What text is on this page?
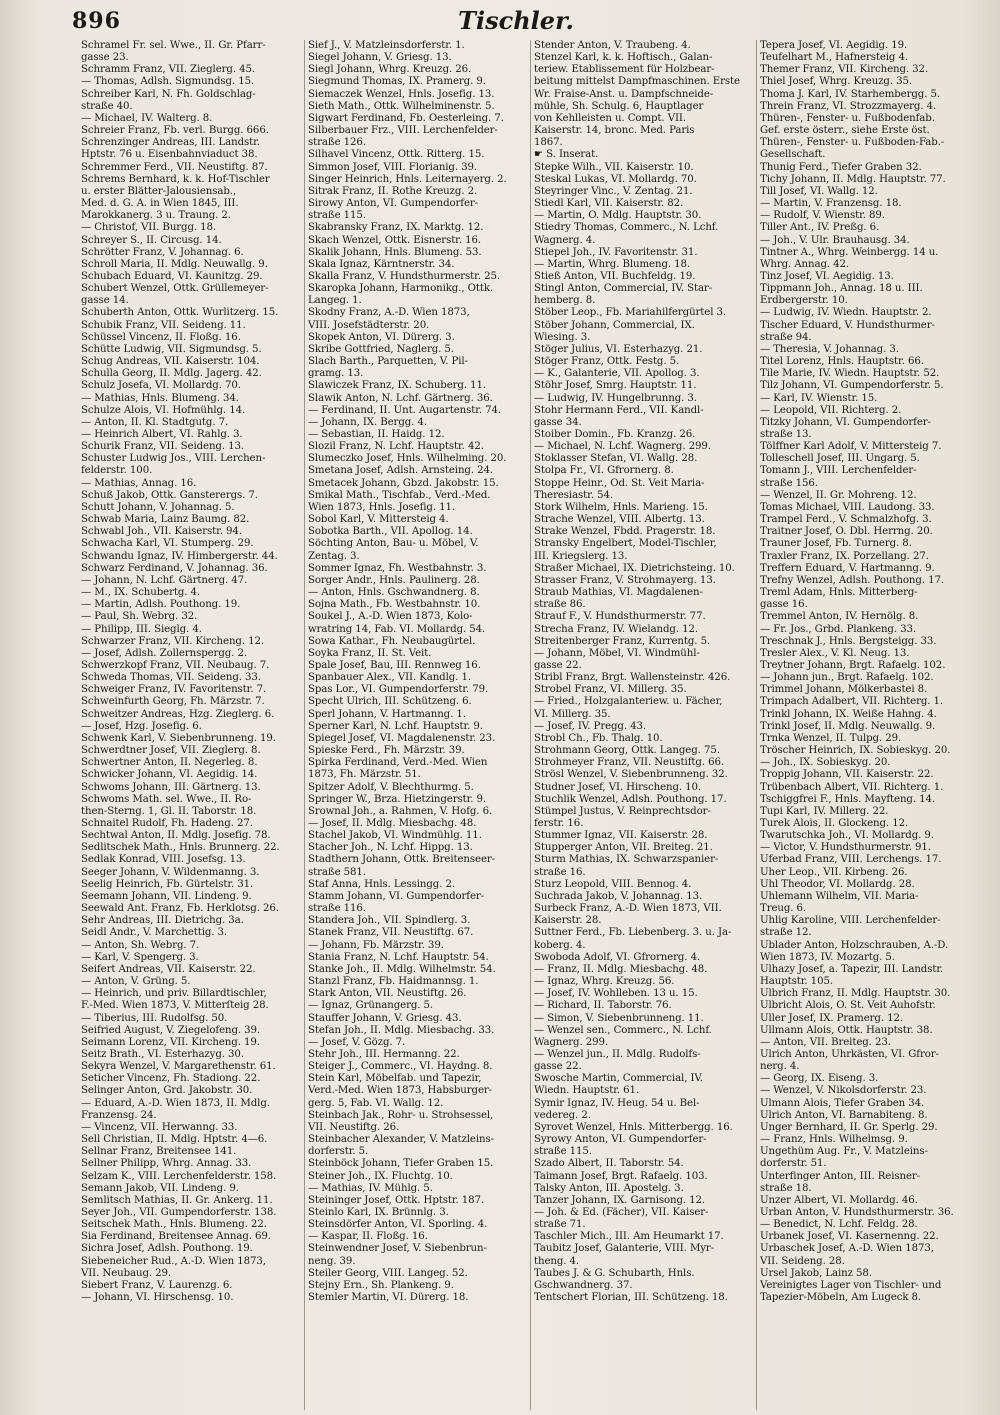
896	Tischler.

Schramel Fr. sel. Wwe., II. Gr. Pfarr-

gasse 23.

Schramm Franz, VII. Zieglerg. 45.

— Thomas, Adlsh. Sigmundsg. 15.

Schreiber Karl, N. Fh. Goldschlag-

straße 40.

— Michael, IV. Walterg. 8.

Schreier Franz, Fb. verl. Burgg. 666.

Schrenzinger Andreas, III. Landstr.

Hptstr. 76 u. Eisenbahnviaduct 38.

Schremmer Ferd., VII. Neustiftg. 87.

Schrems Bernhard, k. k. Hof-Tischler

u. erster Blätter-Jalousiensab.,

Med. d. G. A. in Wien 1845, III.

Marokkanerg. 3 u. Traung. 2.

— Christof, VII. Burgg. 18.

Schreyer S., II. Circusg. 14.

Schrötter Franz, V. Johannag. 6.

Schroll Maria, II. Mdlg. Neuwallg. 9.

Schubach Eduard, VI. Kaunitzg. 29.

Schubert Wenzel, Ottk. Grüllemeyer-

gasse 14.

Schuberth Anton, Ottk. Wurlitzerg. 15.

Schubik Franz, VII. Seideng. 11.

Schüssel Vincenz, II. Floßg. 16.

Schütte Ludwig, VII. Sigmundsg. 5.

Schug Andreas, VII. Kaiserstr. 104.

Schulla Georg, II. Mdlg. Jagerg. 42.

Schulz Josefa, VI. Mollardg. 70.

— Mathias, Hnls. Blumeng. 34.

Schulze Alois, VI. Hofmühlg. 14.

— Anton, II. Kl. Stadtgutg. 7.

— Heinrich Albert, VI. Rahlg. 3.

Schurik Franz, VII. Seideng. 13.

Schuster Ludwig Jos., VIII. Lerchen-

felderstr. 100.

— Mathias, Annag. 16.

Schuß Jakob, Ottk. Gansterergs. 7.

Schutt Johann, V. Johannag. 5.

Schwab Maria, Lainz Baumg. 82.

Schwabl Joh., VII. Kaiserstr. 94.

Schwacha Karl, VI. Stumperg. 29.

Schwandu Ignaz, IV. Himbergerstr. 44.

Schwarz Ferdinand, V. Johannag. 36.

— Johann, N. Lchf. Gärtnerg. 47.

— M., IX. Schubertg. 4.

— Martin, Adlsh. Pouthong. 19.

— Paul, Sh. Webrg. 32.

— Philipp, III. Sieglg. 4.

Schwarzer Franz, VII. Kircheng. 12.

— Josef, Adlsh. Zollernspergg. 2.

Schwerzkopf Franz, VII. Neubaug. 7.

Schweda Thomas, VII. Seideng. 33.

Schweiger Franz, IV. Favoritenstr. 7.

Schweinfurth Georg, Fh. Märzstr. 7.

Schweitzer Andreas, Hzg. Zieglerg. 6.

— Josef, Hzg. Josefig. 6.

Schwenk Karl, V. Siebenbrunneng. 19.

Schwerdtner Josef, VII. Zieglerg. 8.

Schwertner Anton, II. Negerleg. 8.

Schwicker Johann, VI. Aegidig. 14.

Schwoms Johann, III. Gärtnerg. 13.

Schwoms Math. sel. Wwe., II. Ro-

then-Sterng. 1, Gl. II. Taborstr. 18.

Schnaitel Rudolf, Fh. Hadeng. 27.

Sechtwal Anton, II. Mdlg. Josefig. 78.

Sedlitschek Math., Hnls. Brunnerg. 22.

Sedlak Konrad, VIII. Josefsg. 13.

Seeger Johann, V. Wildenmanng. 3.

Seelig Heinrich, Fb. Gürtelstr. 31.

Seemann Johann, VII. Lindeng. 9.

Seewald Ant. Franz, Fb. Herklotsg. 26.

Sehr Andreas, III. Dietrichg. 3a.

Seidl Andr., V. Marchettig. 3.

— Anton, Sh. Webrg. 7.

— Karl, V. Spengerg. 3.

Seifert Andreas, VII. Kaiserstr. 22.

— Anton, V. Grüng. 5.

— Heinrich, und priv. Billardtischler,

F.-Med. Wien 1873, V. Mitterſteig 28.

— Tiberius, III. Rudolfsg. 50.

Seifried August, V. Ziegelofeng. 39.

Seimann Lorenz, VII. Kircheng. 19.

Seitz Brath., VI. Esterhazyg. 30.

Sekyra Wenzel, V. Margarethenstr. 61.

Seticher Vincenz, Fh. Stadiong. 22.

Selinger Anton, Grd. Jakobstr. 30.

— Eduard, A.-D. Wien 1873, II. Mdlg.

Franzensg. 24.

— Vincenz, VII. Herwanng. 33.

Sell Christian, II. Mdlg. Hptstr. 4—6.

Sellnar Franz, Breitensee 141.

Sellner Philipp, Whrg. Annag. 33.

Selzam K., VIII. Lerchenfelderstr. 158.

Semann Jakob, VII. Lindeng. 9.

Semlitsch Mathias, II. Gr. Ankerg. 11.

Seyer Joh., VII. Gumpendorferstr. 138.

Seitschek Math., Hnls. Blumeng. 22.

Sia Ferdinand, Breitensee Annag. 69.

Sichra Josef, Adlsh. Pouthong. 19.

Siebeneicher Rud., A.-D. Wien 1873,

VII. Neubaug. 29.

Siebert Franz, V. Laurenzg. 6.

— Johann, VI. Hirschensg. 10.

Sief J., V. Matzleinsdorferstr. 1.

Siegel Johann, V. Griesg. 13.

Siegl Johann, Whrg. Kreuzg. 26.

Siegmund Thomas, IX. Pramerg. 9.

Siemaczek Wenzel, Hnls. Josefig. 13.

Sieth Math., Ottk. Wilhelminenstr. 5.

Sigwart Ferdinand, Fb. Oesterleing. 7.

Silberbauer Frz., VIII. Lerchenfelder-

straße 126.

Silhavel Vincenz, Ottk. Ritterg. 15.

Simmon Josef, VIII. Florianig. 39.

Singer Heinrich, Hnls. Leiternayerg. 2.

Sitrak Franz, II. Rothe Kreuzg. 2.

Sirowy Anton, VI. Gumpendorfer-

straße 115.

Skabransky Franz, IX. Marktg. 12.

Skach Wenzel, Ottk. Eisnerstr. 16.

Skalik Johann, Hnls. Blumeng. 53.

Skala Ignaz, Kärntnerstr. 34.

Skalla Franz, V. Hundsthurmerstr. 25.

Skaropka Johann, Harmonikg., Ottk.

Langeg. 1.

Skodny Franz, A.-D. Wien 1873,

VIII. Josefstädterstr. 20.

Skopek Anton, VI. Dürerg. 3.

Skribe Gottfried, Naglerg. 5.

Slach Barth., Parquetten, V. Pil-

gramg. 13.

Slawiczek Franz, IX. Schuberg. 11.

Slawik Anton, N. Lchf. Gärtnerg. 36.

— Ferdinand, II. Unt. Augartenstr. 74.

— Johann, IX. Bergg. 4.

— Sebastian, II. Haidg. 12.

Slozil Franz, N. Lchf. Hauptstr. 42.

Slumeczko Josef, Hnls. Wilhelming. 20.

Smetana Josef, Adlsh. Arnsteing. 24.

Smetacek Johann, Gbzd. Jakobstr. 15.

Smikal Math., Tischfab., Verd.-Med.

Wien 1873, Hnls. Josefig. 11.

Sobol Karl, V. Mittersteig 4.

Sobotka Barth., VII. Apollog. 14.

Söchting Anton, Bau- u. Möbel, V.

Zentag. 3.

Sommer Ignaz, Fh. Westbahnstr. 3.

Sorger Andr., Hnls. Paulinerg. 28.

— Anton, Hnls. Gschwandnerg. 8.

Sojna Math., Fb. Westbahnstr. 10.

Soukel J., A.-D. Wien 1873, Kolo-

wratring 14, Fab. VI. Mollardg. 54.

Sowa Kathar., Fh. Neubaugürtel.

Soyka Franz, II. St. Veit.

Spale Josef, Bau, III. Rennweg 16.

Spanbauer Alex., VII. Kandlg. 1.

Spas Lor., VI. Gumpendorferstr. 79.

Specht Ulrich, III. Schützeng. 6.

Sperl Johann, V. Hartmanng. 1.

Sperner Karl, N. Lchf. Hauptstr. 9.

Spiegel Josef, VI. Magdalenenstr. 23.

Spieske Ferd., Fh. Märzstr. 39.

Spirka Ferdinand, Verd.-Med. Wien

1873, Fh. Märzstr. 51.

Spitzer Adolf, V. Blechthurmg. 5.

Springer W., Brza. Hietzingerstr. 9.

Srownal Joh., a. Rahmen, V. Hofg. 6.

— Josef, II. Mdlg. Miesbachg. 48.

Stachel Jakob, VI. Windmühlg. 11.

Stacher Joh., N. Lchf. Hippg. 13.

Stadthern Johann, Ottk. Breitenseer-

straße 581.

Staf Anna, Hnls. Lessingg. 2.

Stamm Johann, VI. Gumpendorfer-

straße 116.

Standera Joh., VII. Spindlerg. 3.

Stanek Franz, VII. Neustiftg. 67.

— Johann, Fb. Märzstr. 39.

Stania Franz, N. Lchf. Hauptstr. 54.

Stanke Joh., II. Mdlg. Wilhelmstr. 54.

Stanzl Franz, Fb. Haidmannsg. 1.

Stark Anton, VII. Neustiftg. 26.

— Ignaz, Grünangerg. 5.

Stauffer Johann, V. Griesg. 43.

Stefan Joh., II. Mdlg. Miesbachg. 33.

— Josef, V. Gözg. 7.

Stehr Joh., III. Hermanng. 22.

Steiger J., Commerc., VI. Haydng. 8.

Stein Karl, Möbelfab. und Tapezir,

Verd.-Med. Wien 1873, Habsburger-

gerg. 5, Fab. VI. Wallg. 12.

Steinbach Jak., Rohr- u. Strohsessel,

VII. Neustiftg. 26.

Steinbacher Alexander, V. Matzleins-

dorferstr. 5.

Steinböck Johann, Tiefer Graben 15.

Steiner Joh., IX. Fluchtg. 10.

— Mathias, IV. Mühlg. 5.

Steininger Josef, Ottk. Hptstr. 187.

Steinlo Karl, IX. Brünnlg. 3.

Steinsdörfer Anton, VI. Sporling. 4.

— Kaspar, II. Floßg. 16.

Steinwendner Josef, V. Siebenbrun-

neng. 39.

Steiler Georg, VIII. Langeg. 52.

Stejny Ern., Sh. Plankeng. 9.

Stemler Martin, VI. Dürerg. 18.

Stender Anton, V. Traubeng. 4.

Stenzel Karl, k. k. Hoftisch., Galan-

teriew. Etablissement für Holzbear-

beitung mittelst Dampfmaschinen. Erste

Wr. Fraise-Anst. u. Dampfschneide-

mühle, Sh. Schulg. 6, Hauptlager

von Kehlleisten u. Compt. VII.

Kaiserstr. 14, bronc. Med. Paris

1867.

☛ S. Inserat.

Stepke Wilh., VII. Kaiserstr. 10.

Steskal Lukas, VI. Mollardg. 70.

Steyringer Vinc., V. Zentag. 21.

Stiedl Karl, VII. Kaiserstr. 82.

— Martin, O. Mdlg. Hauptstr. 30.

Stiedry Thomas, Commerc., N. Lchf.

Wagnerg. 4.

Stiepel Joh., IV. Favoritenstr. 31.

— Martin, Whrg. Blumeng. 18.

Stieß Anton, VII. Buchfeldg. 19.

Stingl Anton, Commercial, IV. Star-

hemberg. 8.

Stöber Leop., Fb. Mariahilfergürtel 3.

Stöber Johann, Commercial, IX.

Wiesing. 3.

Stöger Julius, VI. Esterhazyg. 21.

Stöger Franz, Ottk. Festg. 5.

— K., Galanterie, VII. Apollog. 3.

Stöhr Josef, Smrg. Hauptstr. 11.

— Ludwig, IV. Hungelbrunng. 3.

Stohr Hermann Ferd., VII. Kandl-

gasse 34.

Stoiber Domin., Fb. Kranzg. 26.

— Michael, N. Lchf. Wagnerg. 299.

Stoklasser Stefan, VI. Wallg. 28.

Stolpa Fr., VI. Gfrornerg. 8.

Stoppe Heinr., Od. St. Veit Maria-

Theresiastr. 54.

Stork Wilhelm, Hnls. Marieng. 15.

Strache Wenzel, VIII. Albertg. 13.

Strake Wenzel, Fbdd. Pragerstr. 18.

Stransky Engelbert, Model-Tischler,

III. Kriegslerg. 13.

Straßer Michael, IX. Dietrichsteing. 10.

Strasser Franz, V. Strohmayerg. 13.

Straub Mathias, VI. Magdalenen-

straße 86.

Strauf F., V. Hundsthurmerstr. 77.

Strecha Franz, IV. Wielandg. 12.

Streitenberger Franz, Kurrentg. 5.

— Johann, Möbel, VI. Windmühl-

gasse 22.

Stribl Franz, Brgt. Wallensteinstr. 426.

Strobel Franz, VI. Millerg. 35.

— Fried., Holzgalanteriew. u. Fächer,

VI. Millerg. 35.

— Josef, IV. Pregg. 43.

Strobl Ch., Fb. Thalg. 10.

Strohmann Georg, Ottk. Langeg. 75.

Strohmeyer Franz, VII. Neustiftg. 66.

Strösl Wenzel, V. Siebenbrunneng. 32.

Studner Josef, VI. Hirscheng. 10.

Stuchlik Wenzel, Adlsh. Pouthong. 17.

Stümpel Justus, V. Reinprechtsdor-

ferstr. 16.

Stummer Ignaz, VII. Kaiserstr. 28.

Stupperger Anton, VII. Breiteg. 21.

Sturm Mathias, IX. Schwarzspanier-

straße 16.

Sturz Leopold, VIII. Bennog. 4.

Suchrada Jakob, V. Johannag. 13.

Surbeck Franz, A.-D. Wien 1873, VII.

Kaiserstr. 28.

Suttner Ferd., Fb. Liebenberg. 3. u. Ja-

koberg. 4.

Swoboda Adolf, VI. Gfrornerg. 4.

— Franz, II. Mdlg. Miesbachg. 48.

— Ignaz, Whrg. Kreuzg. 56.

— Josef, IV. Wohlleben. 13 u. 15.

— Richard, II. Taborstr. 76.

— Simon, V. Siebenbrunneng. 11.

— Wenzel sen., Commerc., N. Lchf.

Wagnerg. 299.

— Wenzel jun., II. Mdlg. Rudolfs-

gasse 22.

Swosche Martin, Commercial, IV.

Wiedn. Hauptstr. 61.

Symir Ignaz, IV. Heug. 54 u. Bel-

vedereg. 2.

Syrovet Wenzel, Hnls. Mitterbergg. 16.

Syrowy Anton, VI. Gumpendorfer-

straße 115.

Szado Albert, II. Taborstr. 54.

Taimann Josef, Brgt. Rafaelg. 103.

Talsky Anton, III. Apostelg. 3.

Tanzer Johann, IX. Garnisong. 12.

— Joh. & Ed. (Fächer), VII. Kaiser-

straße 71.

Taschler Mich., III. Am Heumarkt 17.

Taubitz Josef, Galanterie, VIII. Myr-

theng. 4.

Taubes J. & G. Schubarth, Hnls.

Gschwandnerg. 37.

Tentschert Florian, III. Schützeng. 18.

Tepera Josef, VI. Aegidig. 19.

Teufelhart M., Hafnersteig 4.

Themer Franz, VII. Kircheng. 32.

Thiel Josef, Whrg. Kreuzg. 35.

Thoma J. Karl, IV. Starhembergg. 5.

Threin Franz, VI. Strozzmayerg. 4.

Thüren-, Fenster- u. Fußbodenfab.

Gef. erste österr., siehe Erste öst.

Thüren-, Fenster- u. Fußboden-Fab.-

Gesellschaft.

Thunig Ferd., Tiefer Graben 32.

Tichy Johann, II. Mdlg. Hauptstr. 77.

Till Josef, VI. Wallg. 12.

— Martin, V. Franzensg. 18.

— Rudolf, V. Wienstr. 89.

Tiller Ant., IV. Preßg. 6.

— Joh., V. Ulr. Brauhausg. 34.

Tintner A., Whrg. Weinbergg. 14 u.

Whrg. Annag. 42.

Tinz Josef, VI. Aegidig. 13.

Tippmann Joh., Annag. 18 u. III.

Erdbergerstr. 10.

— Ludwig, IV. Wiedn. Hauptstr. 2.

Tischer Eduard, V. Hundsthurmer-

straße 94.

— Theresia, V. Johannag. 3.

Titel Lorenz, Hnls. Hauptstr. 66.

Tile Marie, IV. Wiedn. Hauptstr. 52.

Tilz Johann, VI. Gumpendorferstr. 5.

— Karl, IV. Wienstr. 15.

— Leopold, VII. Richterg. 2.

Titzky Johann, VI. Gumpendorfer-

straße 13.

Tölffner Karl Adolf, V. Mittersteig 7.

Tolleschell Josef, III. Ungarg. 5.

Tomann J., VIII. Lerchenfelder-

straße 156.

— Wenzel, II. Gr. Mohreng. 12.

Tomas Michael, VIII. Laudong. 33.

Trampel Ferd., V. Schmalzhofg. 3.

Traitner Josef, O. Dbl. Herrng. 20.

Trauner Josef, Fb. Turnerg. 8.

Traxler Franz, IX. Porzellang. 27.

Treffern Eduard, V. Hartmanng. 9.

Trefny Wenzel, Adlsh. Pouthong. 17.

Treml Adam, Hnls. Mitterberg-

gasse 16.

Tremmel Anton, IV. Hernölg. 8.

— Fr. Jos., Grbd. Plankeng. 33.

Treschnak J., Hnls. Bergsteigg. 33.

Tresler Alex., V. Kl. Neug. 13.

Treytner Johann, Brgt. Rafaelg. 102.

— Johann jun., Brgt. Rafaelg. 102.

Trimmel Johann, Mölkerbastei 8.

Trimpach Adalbert, VII. Richterg. 1.

Trinkl Johann, IX. Weiße Hahng. 4.

Trinkl Josef, II. Mdlg. Neuwallg. 9.

Trnka Wenzel, II. Tulpg. 29.

Tröscher Heinrich, IX. Sobieskyg. 20.

— Joh., IX. Sobieskyg. 20.

Troppig Johann, VII. Kaiserstr. 22.

Trübenbach Albert, VII. Richterg. 1.

Tschiggfrei F., Hnls. Mayfteng. 14.

Tupi Karl, IV. Millerg. 22.

Turek Alois, II. Glockeng. 12.

Twarutschka Joh., VI. Mollardg. 9.

— Victor, V. Hundsthurmerstr. 91.

Uferbad Franz, VIII. Lerchengs. 17.

Uher Leop., VII. Kirbeng. 26.

Uhl Theodor, VI. Mollardg. 28.

Uhlemann Wilhelm, VII. Maria-

Treug. 6.

Uhlig Karoline, VIII. Lerchenfelder-

straße 12.

Ublader Anton, Holzschrauben, A.-D.

Wien 1873, IV. Mozartg. 5.

Ulhazy Josef, a. Tapezir, III. Landstr.

Hauptstr. 105.

Ulbrich Franz, II. Mdlg. Hauptstr. 30.

Ulbricht Alois, O. St. Veit Auhofstr.

Uller Josef, IX. Pramerg. 12.

Ullmann Alois, Ottk. Hauptstr. 38.

— Anton, VII. Breiteg. 23.

Ulrich Anton, Uhrkästen, VI. Gfror-

nerg. 4.

— Georg, IX. Eiseng. 3.

— Wenzel, V. Nikolsdorferstr. 23.

Ulmann Alois, Tiefer Graben 34.

Ulrich Anton, VI. Barnabiteng. 8.

Unger Bernhard, II. Gr. Sperlg. 29.

— Franz, Hnls. Wilhelmsg. 9.

Ungethüm Aug. Fr., V. Matzleins-

dorferstr. 51.

Unterfinger Anton, III. Reisner-

straße 18.

Unzer Albert, VI. Mollardg. 46.

Urban Anton, V. Hundsthurmerstr. 36.

— Benedict, N. Lchf. Feldg. 28.

Urbanek Josef, VI. Kasernenng. 22.

Urbaschek Josef, A.-D. Wien 1873,

VII. Seideng. 28.

Ursel Jakob, Lainz 58.

Vereinigtes Lager von Tischler- und

Tapezier-Möbeln, Am Lugeck 8.
